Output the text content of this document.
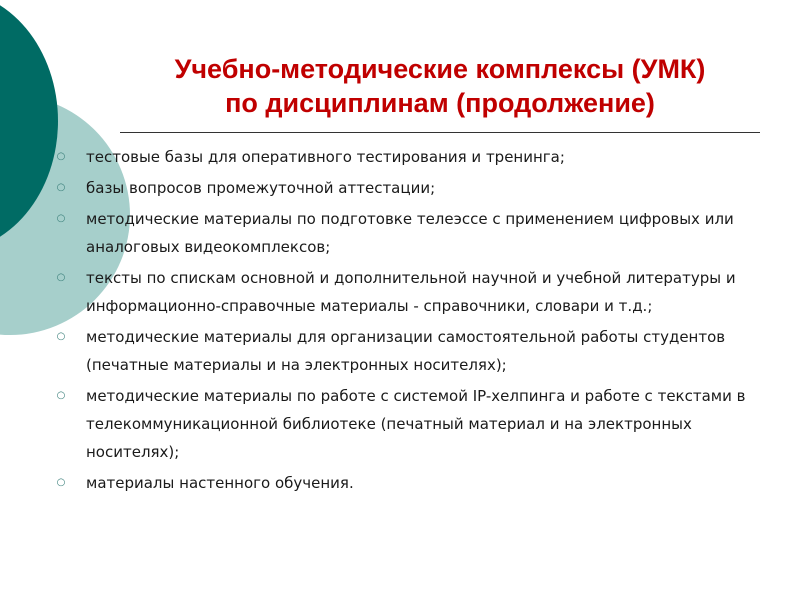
Учебно-методические комплексы (УМК)
по дисциплинам (продолжение)
○ тестовые базы для оперативного тестирования и тренинга;
○ базы вопросов промежуточной аттестации;
○ методические материалы по подготовке телеэссе с применением цифровых или аналоговых видеокомплексов;
○ тексты по спискам основной и дополнительной научной и учебной литературы и информационно-справочные материалы - справочники, словари и т.д.;
○ методические материалы для организации самостоятельной работы студентов (печатные материалы и на электронных носителях);
○ методические материалы по работе с системой IP-хелпинга и работе с текстами в телекоммуникационной библиотеке (печатный материал и на электронных носителях);
○ материалы настенного обучения.
